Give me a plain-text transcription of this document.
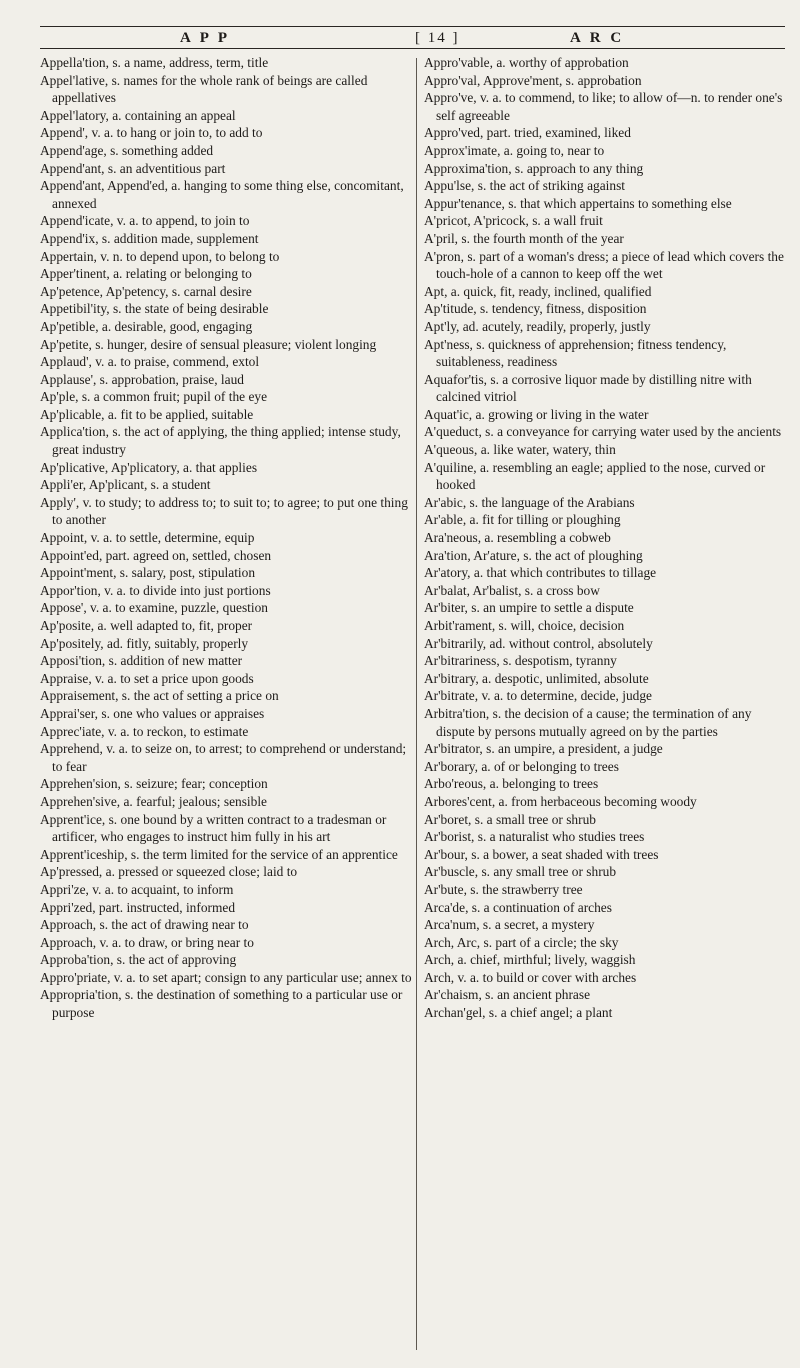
A P P	[ 14 ]	A R C

Appella'tion, s. a name, address, term, title

Appel'lative, s. names for the whole rank of beings are called appellatives

Appel'latory, a. containing an appeal

Append', v. a. to hang or join to, to add to

Append'age, s. something added

Append'ant, s. an adventitious part

Append'ant, Append'ed, a. hanging to some thing else, concomitant, annexed

Append'icate, v. a. to append, to join to

Append'ix, s. addition made, supplement

Appertain, v. n. to depend upon, to belong to

Apper'tinent, a. relating or belonging to

Ap'petence, Ap'petency, s. carnal desire

Appetibil'ity, s. the state of being desirable

Ap'petible, a. desirable, good, engaging

Ap'petite, s. hunger, desire of sensual pleasure; violent longing

Applaud', v. a. to praise, commend, extol

Applause', s. approbation, praise, laud

Ap'ple, s. a common fruit; pupil of the eye

Ap'plicable, a. fit to be applied, suitable

Applica'tion, s. the act of applying, the thing applied; intense study, great industry

Ap'plicative, Ap'plicatory, a. that applies

Appli'er, Ap'plicant, s. a student

Apply', v. to study; to address to; to suit to; to agree; to put one thing to another

Appoint, v. a. to settle, determine, equip

Appoint'ed, part. agreed on, settled, chosen

Appoint'ment, s. salary, post, stipulation

Appor'tion, v. a. to divide into just portions

Appose', v. a. to examine, puzzle, question

Ap'posite, a. well adapted to, fit, proper

Ap'positely, ad. fitly, suitably, properly

Apposi'tion, s. addition of new matter

Appraise, v. a. to set a price upon goods

Appraisement, s. the act of setting a price on

Apprai'ser, s. one who values or appraises

Apprec'iate, v. a. to reckon, to estimate

Apprehend, v. a. to seize on, to arrest; to comprehend or understand; to fear

Apprehen'sion, s. seizure; fear; conception

Apprehen'sive, a. fearful; jealous; sensible

Apprent'ice, s. one bound by a written contract to a tradesman or artificer, who engages to instruct him fully in his art

Apprent'iceship, s. the term limited for the service of an apprentice

Ap'pressed, a. pressed or squeezed close; laid to

Appri'ze, v. a. to acquaint, to inform

Appri'zed, part. instructed, informed

Approach, s. the act of drawing near to

Approach, v. a. to draw, or bring near to

Approba'tion, s. the act of approving

Appro'priate, v. a. to set apart; consign to any particular use; annex to

Appropria'tion, s. the destination of something to a particular use or purpose

Appro'vable, a. worthy of approbation

Appro'val, Approve'ment, s. approbation

Appro've, v. a. to commend, to like; to allow of—n. to render one's self agreeable

Appro'ved, part. tried, examined, liked

Approx'imate, a. going to, near to

Approxima'tion, s. approach to any thing

Appu'lse, s. the act of striking against

Appur'tenance, s. that which appertains to something else

A'pricot, A'pricock, s. a wall fruit

A'pril, s. the fourth month of the year

A'pron, s. part of a woman's dress; a piece of lead which covers the touch-hole of a cannon to keep off the wet

Apt, a. quick, fit, ready, inclined, qualified

Ap'titude, s. tendency, fitness, disposition

Apt'ly, ad. acutely, readily, properly, justly

Apt'ness, s. quickness of apprehension; fitness tendency, suitableness, readiness

Aquafor'tis, s. a corrosive liquor made by distilling nitre with calcined vitriol

Aquat'ic, a. growing or living in the water

A'queduct, s. a conveyance for carrying water used by the ancients

A'queous, a. like water, watery, thin

A'quiline, a. resembling an eagle; applied to the nose, curved or hooked

Ar'abic, s. the language of the Arabians

Ar'able, a. fit for tilling or ploughing

Ara'neous, a. resembling a cobweb

Ara'tion, Ar'ature, s. the act of ploughing

Ar'atory, a. that which contributes to tillage

Ar'balat, Ar'balist, s. a cross bow

Ar'biter, s. an umpire to settle a dispute

Arbit'rament, s. will, choice, decision

Ar'bitrarily, ad. without control, absolutely

Ar'bitrariness, s. despotism, tyranny

Ar'bitrary, a. despotic, unlimited, absolute

Ar'bitrate, v. a. to determine, decide, judge

Arbitra'tion, s. the decision of a cause; the termination of any dispute by persons mutually agreed on by the parties

Ar'bitrator, s. an umpire, a president, a judge

Ar'borary, a. of or belonging to trees

Arbo'reous, a. belonging to trees

Arbores'cent, a. from herbaceous becoming woody

Ar'boret, s. a small tree or shrub

Ar'borist, s. a naturalist who studies trees

Ar'bour, s. a bower, a seat shaded with trees

Ar'buscle, s. any small tree or shrub

Ar'bute, s. the strawberry tree

Arca'de, s. a continuation of arches

Arca'num, s. a secret, a mystery

Arch, Arc, s. part of a circle; the sky

Arch, a. chief, mirthful; lively, waggish

Arch, v. a. to build or cover with arches

Ar'chaism, s. an ancient phrase

Archan'gel, s. a chief angel; a plant
